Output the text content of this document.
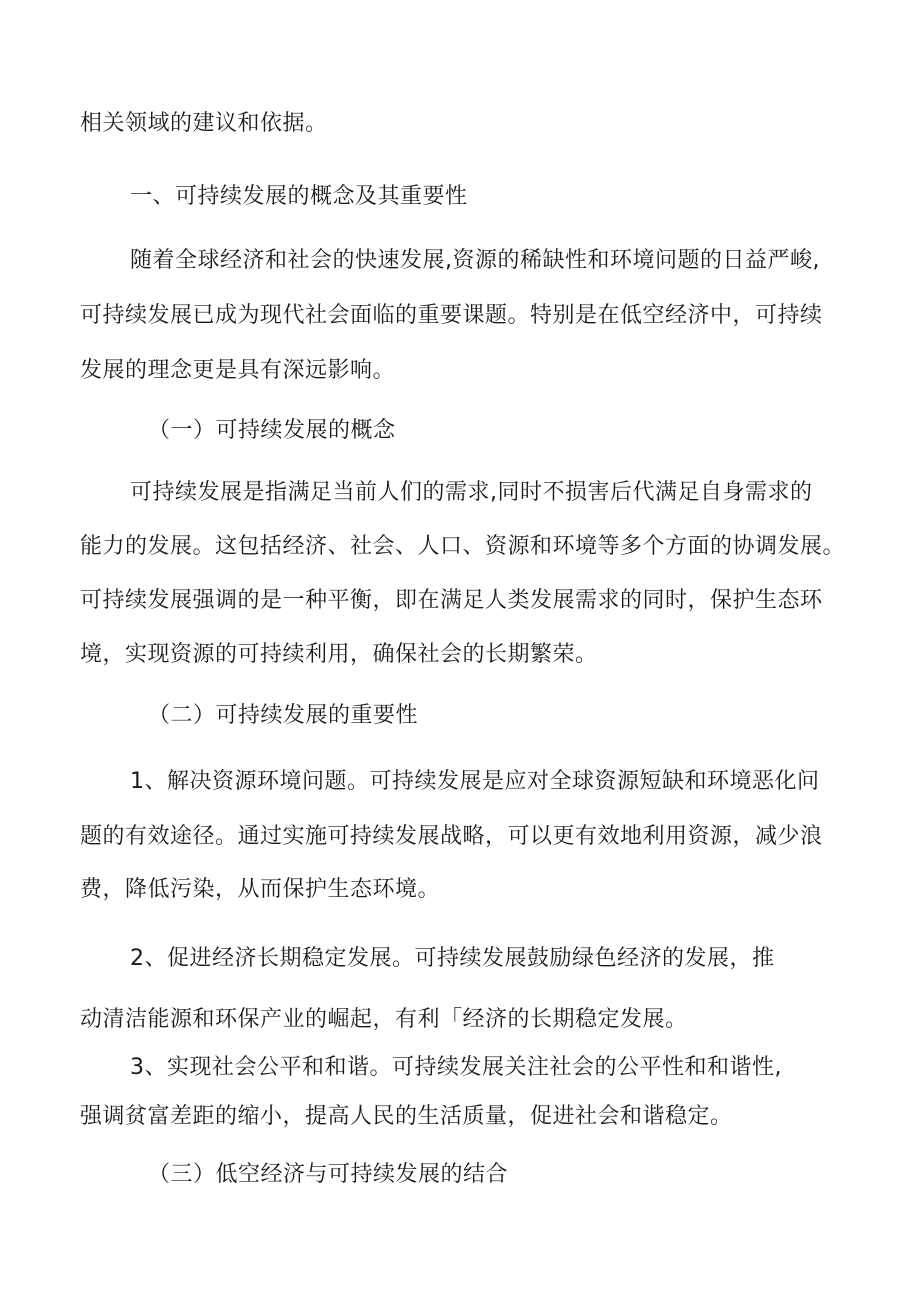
相关领域的建议和依据。
一、可持续发展的概念及其重要性
随着全球经济和社会的快速发展,资源的稀缺性和环境问题的日益严峻,
可持续发展已成为现代社会面临的重要课题。特别是在低空经济中，可持续
发展的理念更是具有深远影响。
（一）可持续发展的概念
可持续发展是指满足当前人们的需求,同时不损害后代满足自身需求的
能力的发展。这包括经济、社会、人口、资源和环境等多个方面的协调发展。
可持续发展强调的是一种平衡，即在满足人类发展需求的同时，保护生态环
境，实现资源的可持续利用，确保社会的长期繁荣。
（二）可持续发展的重要性
1、解决资源环境问题。可持续发展是应对全球资源短缺和环境恶化问
题的有效途径。通过实施可持续发展战略，可以更有效地利用资源，减少浪
费，降低污染，从而保护生态环境。
2、促进经济长期稳定发展。可持续发展鼓励绿色经济的发展，推
动清洁能源和环保产业的崛起，有利「经济的长期稳定发展。
3、实现社会公平和和谐。可持续发展关注社会的公平性和和谐性,
强调贫富差距的缩小，提高人民的生活质量，促进社会和谐稳定。
（三）低空经济与可持续发展的结合
